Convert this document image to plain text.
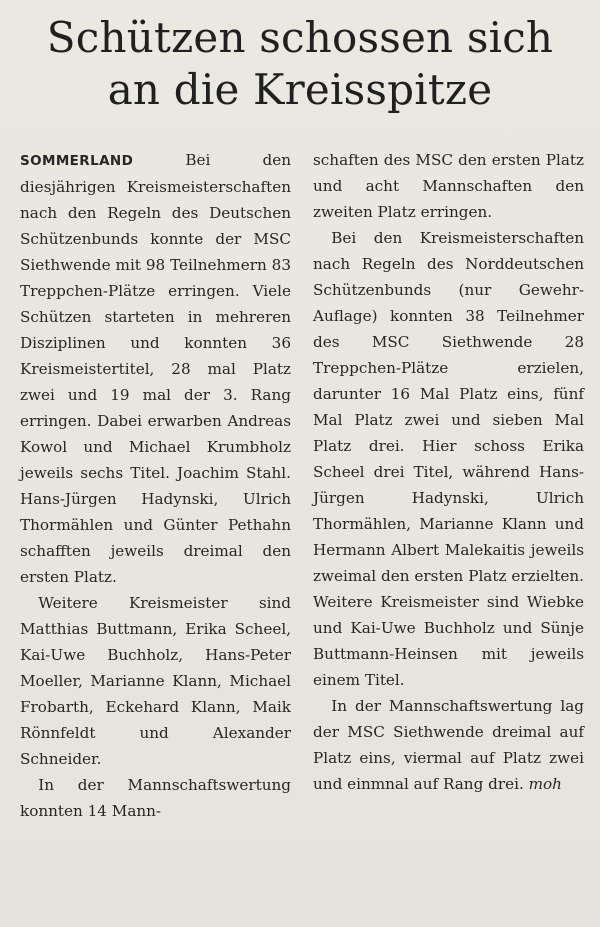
Schützen schossen sich
an die Kreisspitze

SOMMERLAND	Bei den diesjährigen Kreismeisterschaften nach den Regeln des Deutschen Schützenbunds konnte der MSC Siethwende mit 98 Teilnehmern 83 Treppchen-Plätze erringen. Viele Schützen starteten in mehreren Disziplinen und konnten 36 Kreismeistertitel, 28 mal Platz zwei und 19 mal der 3. Rang erringen. Dabei erwarben Andreas Kowol und Michael Krumbholz jeweils sechs Titel. Joachim Stahl. Hans-Jürgen Hadynski, Ulrich Thormählen und Günter Pethahn schafften jeweils dreimal den ersten Platz.

Weitere Kreismeister sind Matthias Buttmann, Erika Scheel, Kai-Uwe Buchholz, Hans-Peter Moeller, Marianne Klann, Michael Frobarth, Eckehard Klann, Maik Rönnfeldt und Alexander Schneider.

In der Mannschaftswertung konnten 14 Mann-

schaften des MSC den ersten Platz und acht Mannschaften den zweiten Platz erringen.

Bei den Kreismeisterschaften nach Regeln des Norddeutschen Schützenbunds (nur Gewehr-Auflage) konnten 38 Teilnehmer des MSC Siethwende 28 Treppchen-Plätze erzielen, darunter 16 Mal Platz eins, fünf Mal Platz zwei und sieben Mal Platz drei. Hier schoss Erika Scheel drei Titel, während Hans-Jürgen Hadynski, Ulrich Thormählen, Marianne Klann und Hermann Albert Malekaitis jeweils zweimal den ersten Platz erzielten. Weitere Kreismeister sind Wiebke und Kai-Uwe Buchholz und Sünje Buttmann-Heinsen mit jeweils einem Titel.

In der Mannschaftswertung lag der MSC Siethwende dreimal auf Platz eins, viermal auf Platz zwei und einmnal auf Rang drei. moh
